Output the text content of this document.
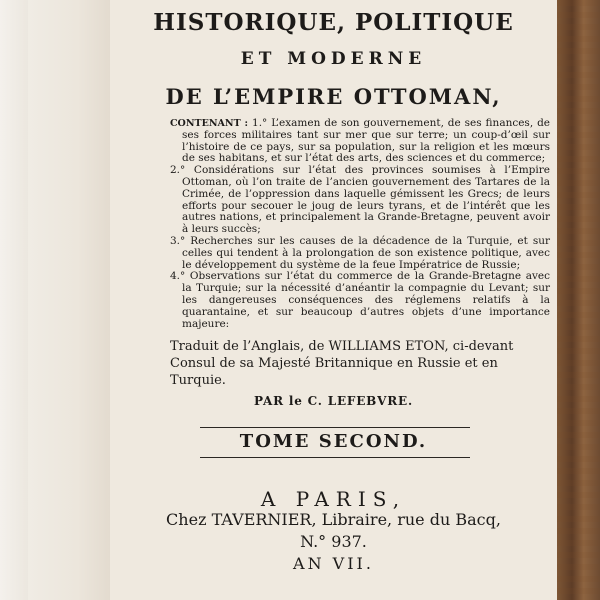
HISTORIQUE, POLITIQUE
ET MODERNE
DE L’EMPIRE OTTOMAN,
CONTENANT : 1.° L’examen de son gouvernement, de ses finances, de ses forces militaires tant sur mer que sur terre; un coup-d’œil sur l’histoire de ce pays, sur sa population, sur la religion et les mœurs de ses habitans, et sur l’état des arts, des sciences et du commerce;
2.° Considérations sur l’état des provinces soumises à l’Empire Ottoman, où l’on traite de l’ancien gouvernement des Tartares de la Crimée, de l’oppression dans laquelle gémissent les Grecs; de leurs efforts pour secouer le joug de leurs tyrans, et de l’intérêt que les autres nations, et principalement la Grande-Bretagne, peuvent avoir à leurs succès;
3.° Recherches sur les causes de la décadence de la Turquie, et sur celles qui tendent à la prolongation de son existence politique, avec le développement du système de la feue Impératrice de Russie;
4.° Observations sur l’état du commerce de la Grande-Bretagne avec la Turquie; sur la nécessité d’anéantir la compagnie du Levant; sur les dangereuses conséquences des réglemens relatifs à la quarantaine, et sur beaucoup d’autres objets d’une importance majeure:
Traduit de l’Anglais, de WILLIAMS ETON, ci-devant Consul de sa Majesté Britannique en Russie et en Turquie.
PAR le C. LEFEBVRE.
TOME SECOND.
A PARIS,
Chez TAVERNIER, Libraire, rue du Bacq,
N.° 937.
AN VII.
